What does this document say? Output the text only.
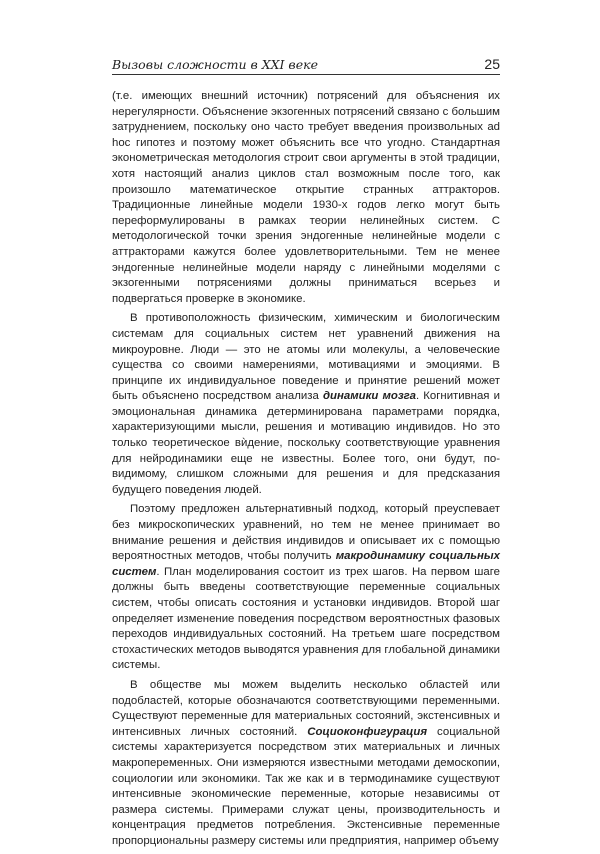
Вызовы сложности в XXI веке	25

(т.е. имеющих внешний источник) потрясений для объяснения их нерегулярности. Объяснение экзогенных потрясений связано с большим затруднением, поскольку оно часто требует введения произвольных ad hoc гипотез и поэтому может объяснить все что угодно. Стандартная эконометрическая методология строит свои аргументы в этой традиции, хотя настоящий анализ циклов стал возможным после того, как произошло математическое открытие странных аттракторов. Традиционные линейные модели 1930-х годов легко могут быть переформулированы в рамках теории нелинейных систем. С методологической точки зрения эндогенные нелинейные модели с аттракторами кажутся более удовлетворительными. Тем не менее эндогенные нелинейные модели наряду с линейными моделями с экзогенными потрясениями должны приниматься всерьез и подвергаться проверке в экономике.

В противоположность физическим, химическим и биологическим системам для социальных систем нет уравнений движения на микроуровне. Люди — это не атомы или молекулы, а человеческие существа со своими намерениями, мотивациями и эмоциями. В принципе их индивидуальное поведение и принятие решений может быть объяснено посредством анализа динамики мозга. Когнитивная и эмоциональная динамика детерминирована параметрами порядка, характеризующими мысли, решения и мотивацию индивидов. Но это только теоретическое вѝдение, поскольку соответствующие уравнения для нейродинамики еще не известны. Более того, они будут, по-видимому, слишком сложными для решения и для предсказания будущего поведения людей.

Поэтому предложен альтернативный подход, который преуспевает без микроскопических уравнений, но тем не менее принимает во внимание решения и действия индивидов и описывает их с помощью вероятностных методов, чтобы получить макродинамику социальных систем. План моделирования состоит из трех шагов. На первом шаге должны быть введены соответствующие переменные социальных систем, чтобы описать состояния и установки индивидов. Второй шаг определяет изменение поведения посредством вероятностных фазовых переходов индивидуальных состояний. На третьем шаге посредством стохастических методов выводятся уравнения для глобальной динамики системы.

В обществе мы можем выделить несколько областей или подобластей, которые обозначаются соответствующими переменными. Существуют переменные для материальных состояний, экстенсивных и интенсивных личных состояний. Социоконфигурация социальной системы характеризуется посредством этих материальных и личных макропеременных. Они измеряются известными методами демоскопии, социологии или экономики. Так же как и в термодинамике существуют интенсивные экономические переменные, которые независимы от размера системы. Примерами служат цены, производительность и концентрация предметов потребления. Экстенсивные переменные пропорциональны размеру системы или предприятия, например объему
